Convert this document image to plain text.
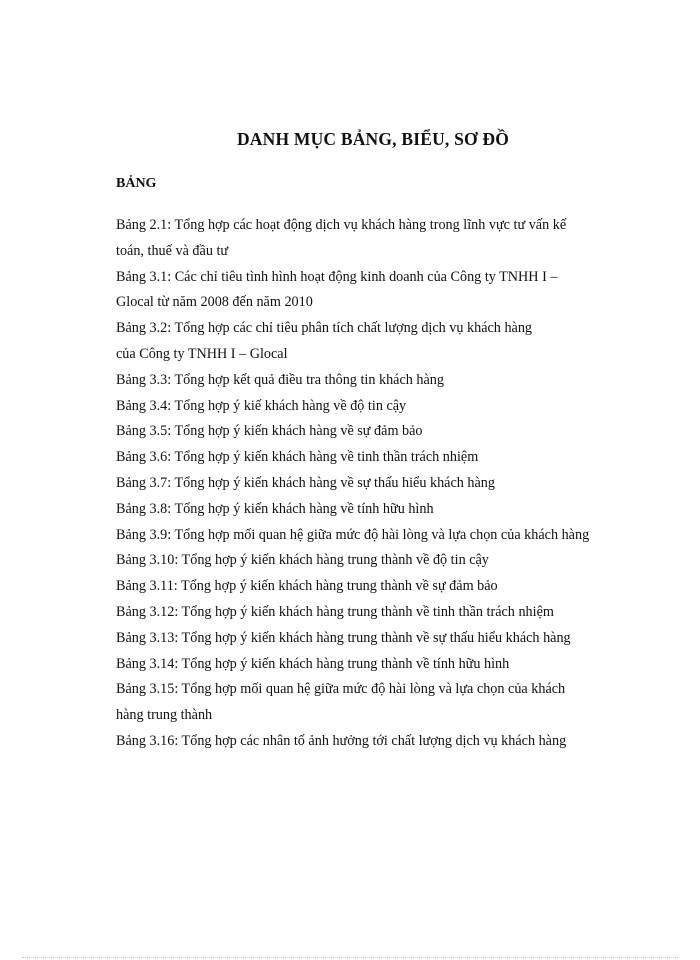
DANH MỤC BẢNG, BIỂU, SƠ ĐỒ
BẢNG
Bảng 2.1: Tổng hợp các hoạt động dịch vụ khách hàng trong lĩnh vực tư vấn kế
toán, thuế và đầu tư
Bảng 3.1: Các chỉ tiêu tình hình hoạt động kinh doanh của Công ty TNHH I –
Glocal từ năm 2008 đến năm 2010
Bảng 3.2: Tổng hợp các chỉ tiêu phân tích chất lượng dịch vụ khách hàng
của Công ty TNHH I – Glocal
Bảng 3.3: Tổng hợp kết quả điều tra thông tin khách hàng
Bảng 3.4: Tổng hợp ý kiế khách hàng về độ tin cậy
Bảng 3.5: Tổng hợp ý kiến khách hàng về sự đảm bảo
Bảng 3.6: Tổng hợp ý kiến khách hàng về tinh thần trách nhiệm
Bảng 3.7: Tổng hợp ý kiến khách hàng về sự thấu hiểu khách hàng
Bảng 3.8: Tổng hợp ý kiến khách hàng về tính hữu hình
Bảng 3.9: Tổng hợp mối quan hệ giữa mức độ hài lòng và lựa chọn của khách hàng
Bảng 3.10: Tổng hợp ý kiến khách hàng trung thành về độ tin cậy
Bảng 3.11: Tổng hợp ý kiến khách hàng trung thành về sự đảm bảo
Bảng 3.12: Tổng hợp ý kiến khách hàng trung thành về tinh thần trách nhiệm
Bảng 3.13: Tổng hợp ý kiến khách hàng trung thành về sự thấu hiểu khách hàng
Bảng 3.14: Tổng hợp ý kiến khách hàng trung thành về tính hữu hình
Bảng 3.15: Tổng hợp mối quan hệ giữa mức độ hài lòng và lựa chọn của khách
hàng trung thành
Bảng 3.16: Tổng hợp các nhân tố ảnh hưởng tới chất lượng dịch vụ khách hàng
